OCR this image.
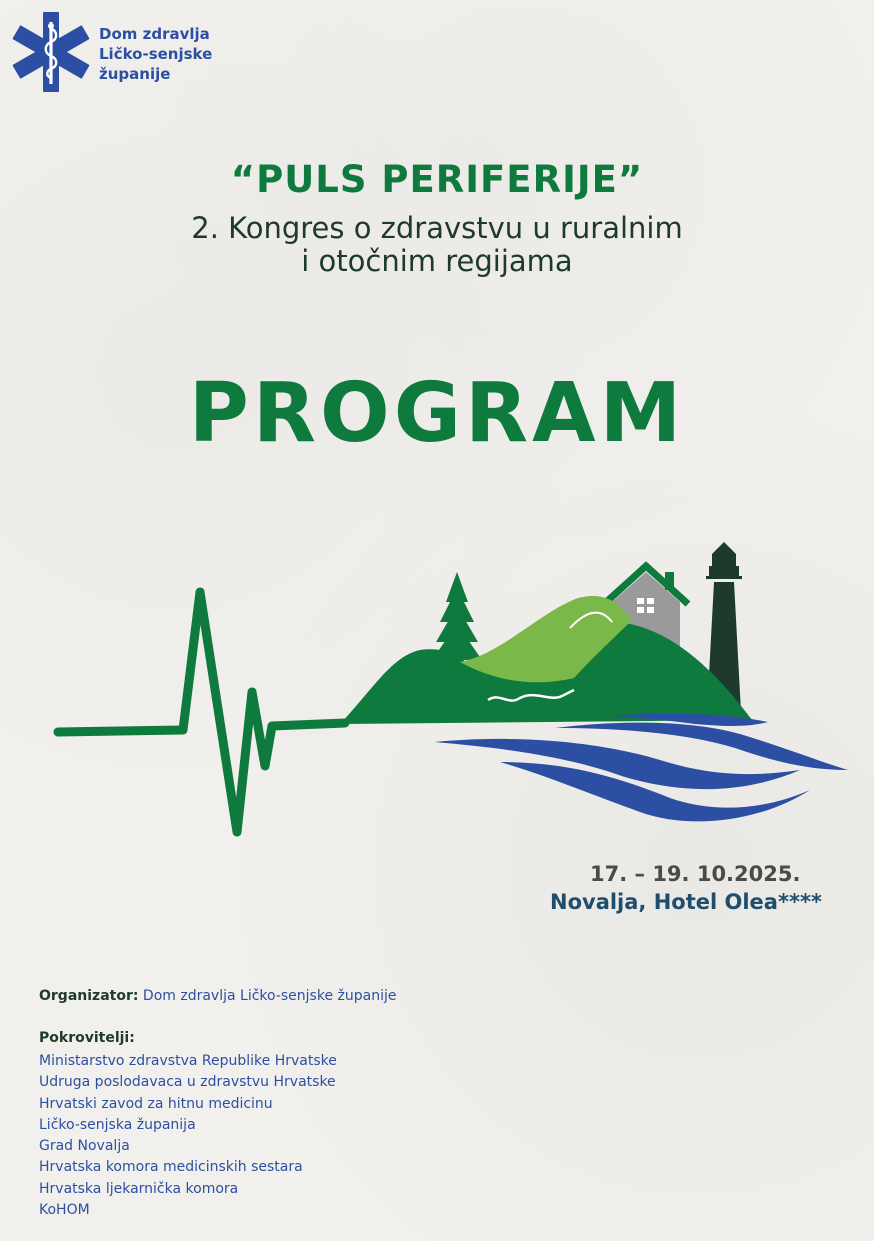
Dom zdravlja
Ličko-senjske
županije
“PULS PERIFERIJE”
2. Kongres o zdravstvu u ruralnim
i otočnim regijama
PROGRAM
17. – 19. 10.2025.
Novalja, Hotel Olea****
Organizator: Dom zdravlja Ličko-senjske županije
Pokrovitelji:
Ministarstvo zdravstva Republike Hrvatske
Udruga poslodavaca u zdravstvu Hrvatske
Hrvatski zavod za hitnu medicinu
Ličko-senjska županija
Grad Novalja
Hrvatska komora medicinskih sestara
Hrvatska ljekarnička komora
KoHOM
